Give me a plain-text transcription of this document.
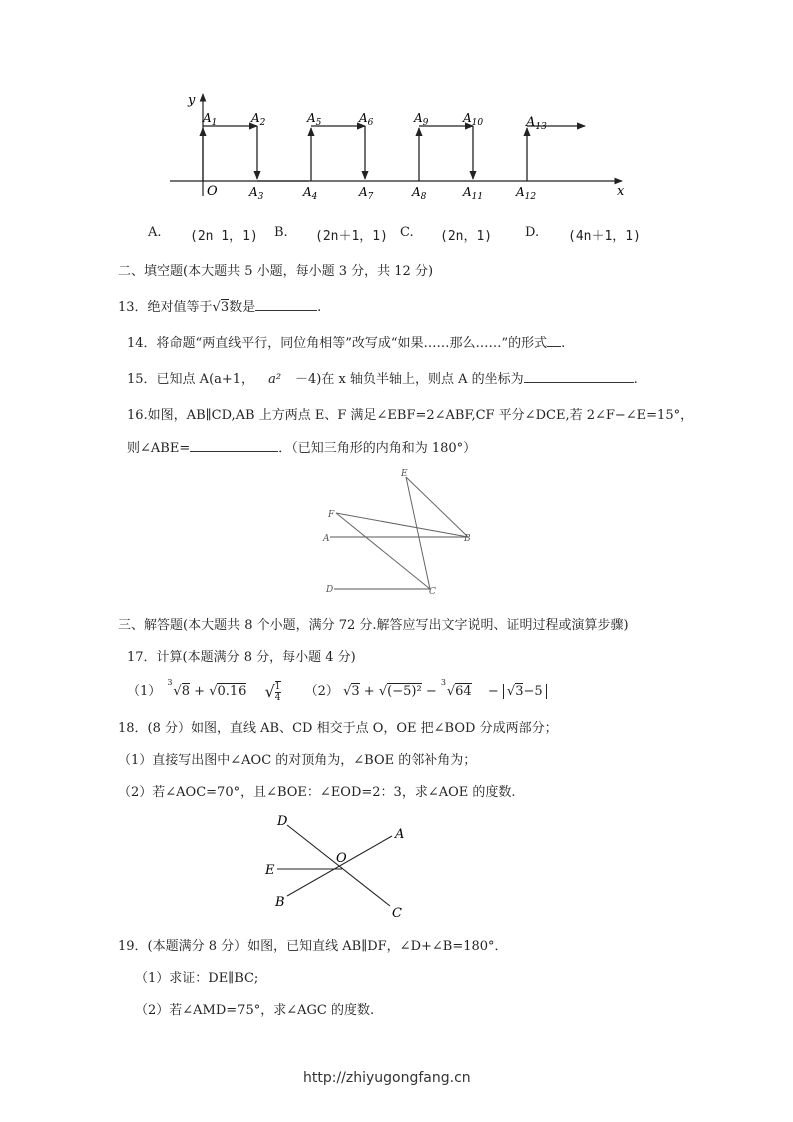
y
x
O
$A_1$	$A_2$
$A_3$	$A_4$
$A_5$	$A_6$
$A_7$	$A_8$
$A_9$	$A_{10}$
$A_{11}$	$A_{12}$
$A_{13}$
A. (2n 1，1) B. (2n＋1，1) C. (2n，1)	D. (4n＋1，1)
二、填空题(本大题共 5 小题，每小题 3 分，共 12 分)
13．绝对值等于√3数是	.
14．将命题“两直线平行，同位角相等”改写成“如果……那么……”的形式 .
15．已知点 A(a+1， a² －4)在 x 轴负半轴上，则点 A 的坐标为	.
16.如图，AB∥CD,AB 上方两点 E、F 满足∠EBF=2∠ABF,CF 平分∠DCE,若 2∠F−∠E=15°，
则∠ABE=	．（已知三角形的内角和为 180°）
E
F
A	B
D	C
三、解答题(本大题共 8 个小题，满分 72 分.解答应写出文字说明、证明过程或演算步骤)
17．计算(本题满分 8 分，每小题 4 分)
（1）
3
√8 + √0.16 √ $\frac{1}{4} (2) √3 + √(-5)^2$ −
3
√64 − √3−5
18．(8 分）如图，直线 AB、CD 相交于点 O，OE 把∠BOD 分成两部分；
（1）直接写出图中∠AOC 的对顶角为，∠BOE 的邻补角为；
（2）若∠AOC=70°，且∠BOE：∠EOD=2：3，求∠AOE 的度数.
D
A
E
O
B
C
19．(本题满分 8 分）如图，已知直线 AB∥DF，∠D+∠B=180°．
（1）求证：DE∥BC;
（2）若∠AMD=75°，求∠AGC 的度数.
http://zhiyugongfang.cn
